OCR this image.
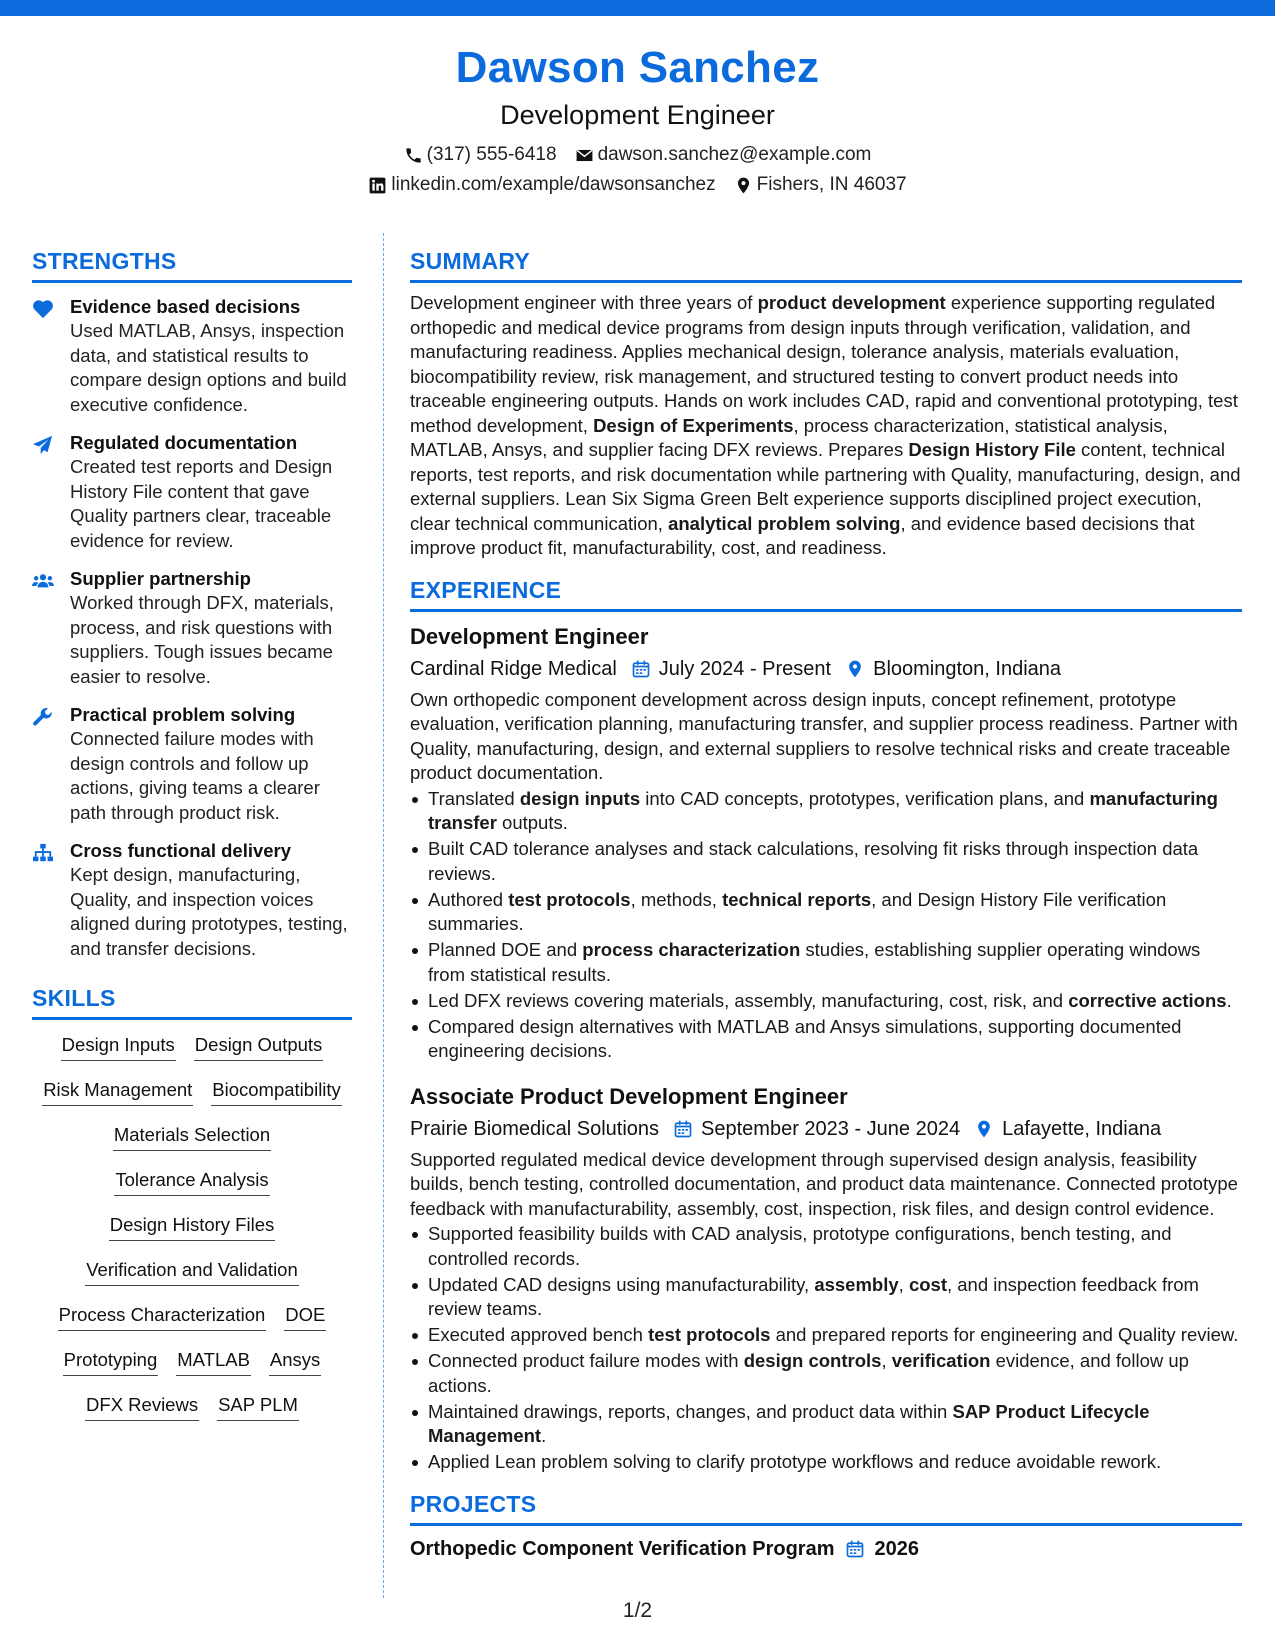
Dawson Sanchez
Development Engineer
(317) 555-6418 dawson.sanchez@example.com
linkedin.com/example/dawsonsanchez Fishers, IN 46037
STRENGTHS
Evidence based decisions
Used MATLAB, Ansys, inspection data, and statistical results to compare design options and build executive confidence.
Regulated documentation
Created test reports and Design History File content that gave Quality partners clear, traceable evidence for review.
Supplier partnership
Worked through DFX, materials, process, and risk questions with suppliers. Tough issues became easier to resolve.
Practical problem solving
Connected failure modes with design controls and follow up actions, giving teams a clearer path through product risk.
Cross functional delivery
Kept design, manufacturing, Quality, and inspection voices aligned during prototypes, testing, and transfer decisions.
SKILLS
Design Inputs Design Outputs
Risk Management Biocompatibility
Materials Selection
Tolerance Analysis
Design History Files
Verification and Validation
Process Characterization DOE
Prototyping MATLAB Ansys
DFX Reviews SAP PLM
SUMMARY

Development engineer with three years of product development experience supporting regulated orthopedic and medical device programs from design inputs through verification, validation, and manufacturing readiness. Applies mechanical design, tolerance analysis, materials evaluation, biocompatibility review, risk management, and structured testing to convert product needs into traceable engineering outputs. Hands on work includes CAD, rapid and conventional prototyping, test method development, Design of Experiments, process characterization, statistical analysis, MATLAB, Ansys, and supplier facing DFX reviews. Prepares Design History File content, technical reports, test reports, and risk documentation while partnering with Quality, manufacturing, design, and external suppliers. Lean Six Sigma Green Belt experience supports disciplined project execution, clear technical communication, analytical problem solving, and evidence based decisions that improve product fit, manufacturability, cost, and readiness.

EXPERIENCE
Development Engineer
Cardinal Ridge Medical July 2024 - Present Bloomington, Indiana
Own orthopedic component development across design inputs, concept refinement, prototype evaluation, verification planning, manufacturing transfer, and supplier process readiness. Partner with Quality, manufacturing, design, and external suppliers to resolve technical risks and create traceable product documentation.
Translated design inputs into CAD concepts, prototypes, verification plans, and manufacturing transfer outputs.
Built CAD tolerance analyses and stack calculations, resolving fit risks through inspection data reviews.
Authored test protocols, methods, technical reports, and Design History File verification summaries.
Planned DOE and process characterization studies, establishing supplier operating windows from statistical results.
Led DFX reviews covering materials, assembly, manufacturing, cost, risk, and corrective actions.
Compared design alternatives with MATLAB and Ansys simulations, supporting documented engineering decisions.
Associate Product Development Engineer
Prairie Biomedical Solutions September 2023 - June 2024 Lafayette, Indiana
Supported regulated medical device development through supervised design analysis, feasibility builds, bench testing, controlled documentation, and product data maintenance. Connected prototype feedback with manufacturability, assembly, cost, inspection, risk files, and design control evidence.
Supported feasibility builds with CAD analysis, prototype configurations, bench testing, and controlled records.
Updated CAD designs using manufacturability, assembly, cost, and inspection feedback from review teams.
Executed approved bench test protocols and prepared reports for engineering and Quality review.
Connected product failure modes with design controls, verification evidence, and follow up actions.
Maintained drawings, reports, changes, and product data within SAP Product Lifecycle Management.
Applied Lean problem solving to clarify prototype workflows and reduce avoidable rework.
PROJECTS
Orthopedic Component Verification Program 2026
1/2
